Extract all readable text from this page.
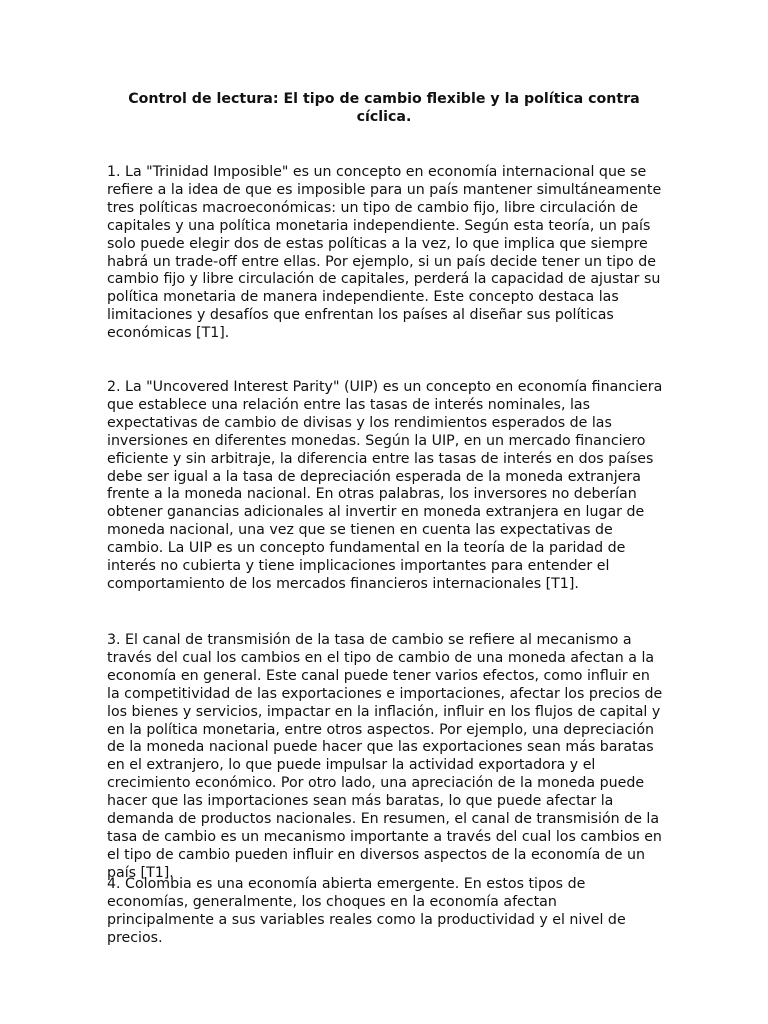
Control de lectura: El tipo de cambio flexible y la política contra cíclica.

1. La "Trinidad Imposible" es un concepto en economía internacional que se refiere a la idea de que es imposible para un país mantener simultáneamente tres políticas macroeconómicas: un tipo de cambio fijo, libre circulación de capitales y una política monetaria independiente. Según esta teoría, un país solo puede elegir dos de estas políticas a la vez, lo que implica que siempre habrá un trade-off entre ellas. Por ejemplo, si un país decide tener un tipo de cambio fijo y libre circulación de capitales, perderá la capacidad de ajustar su política monetaria de manera independiente. Este concepto destaca las limitaciones y desafíos que enfrentan los países al diseñar sus políticas económicas [T1].

2. La "Uncovered Interest Parity" (UIP) es un concepto en economía financiera que establece una relación entre las tasas de interés nominales, las expectativas de cambio de divisas y los rendimientos esperados de las inversiones en diferentes monedas. Según la UIP, en un mercado financiero eficiente y sin arbitraje, la diferencia entre las tasas de interés en dos países debe ser igual a la tasa de depreciación esperada de la moneda extranjera frente a la moneda nacional. En otras palabras, los inversores no deberían obtener ganancias adicionales al invertir en moneda extranjera en lugar de moneda nacional, una vez que se tienen en cuenta las expectativas de cambio. La UIP es un concepto fundamental en la teoría de la paridad de interés no cubierta y tiene implicaciones importantes para entender el comportamiento de los mercados financieros internacionales [T1].

3. El canal de transmisión de la tasa de cambio se refiere al mecanismo a través del cual los cambios en el tipo de cambio de una moneda afectan a la economía en general. Este canal puede tener varios efectos, como influir en la competitividad de las exportaciones e importaciones, afectar los precios de los bienes y servicios, impactar en la inflación, influir en los flujos de capital y en la política monetaria, entre otros aspectos. Por ejemplo, una depreciación de la moneda nacional puede hacer que las exportaciones sean más baratas en el extranjero, lo que puede impulsar la actividad exportadora y el crecimiento económico. Por otro lado, una apreciación de la moneda puede hacer que las importaciones sean más baratas, lo que puede afectar la demanda de productos nacionales. En resumen, el canal de transmisión de la tasa de cambio es un mecanismo importante a través del cual los cambios en el tipo de cambio pueden influir en diversos aspectos de la economía de un país [T1].

4. Colombia es una economía abierta emergente. En estos tipos de economías, generalmente, los choques en la economía afectan principalmente a sus variables reales como la productividad y el nivel de precios.
